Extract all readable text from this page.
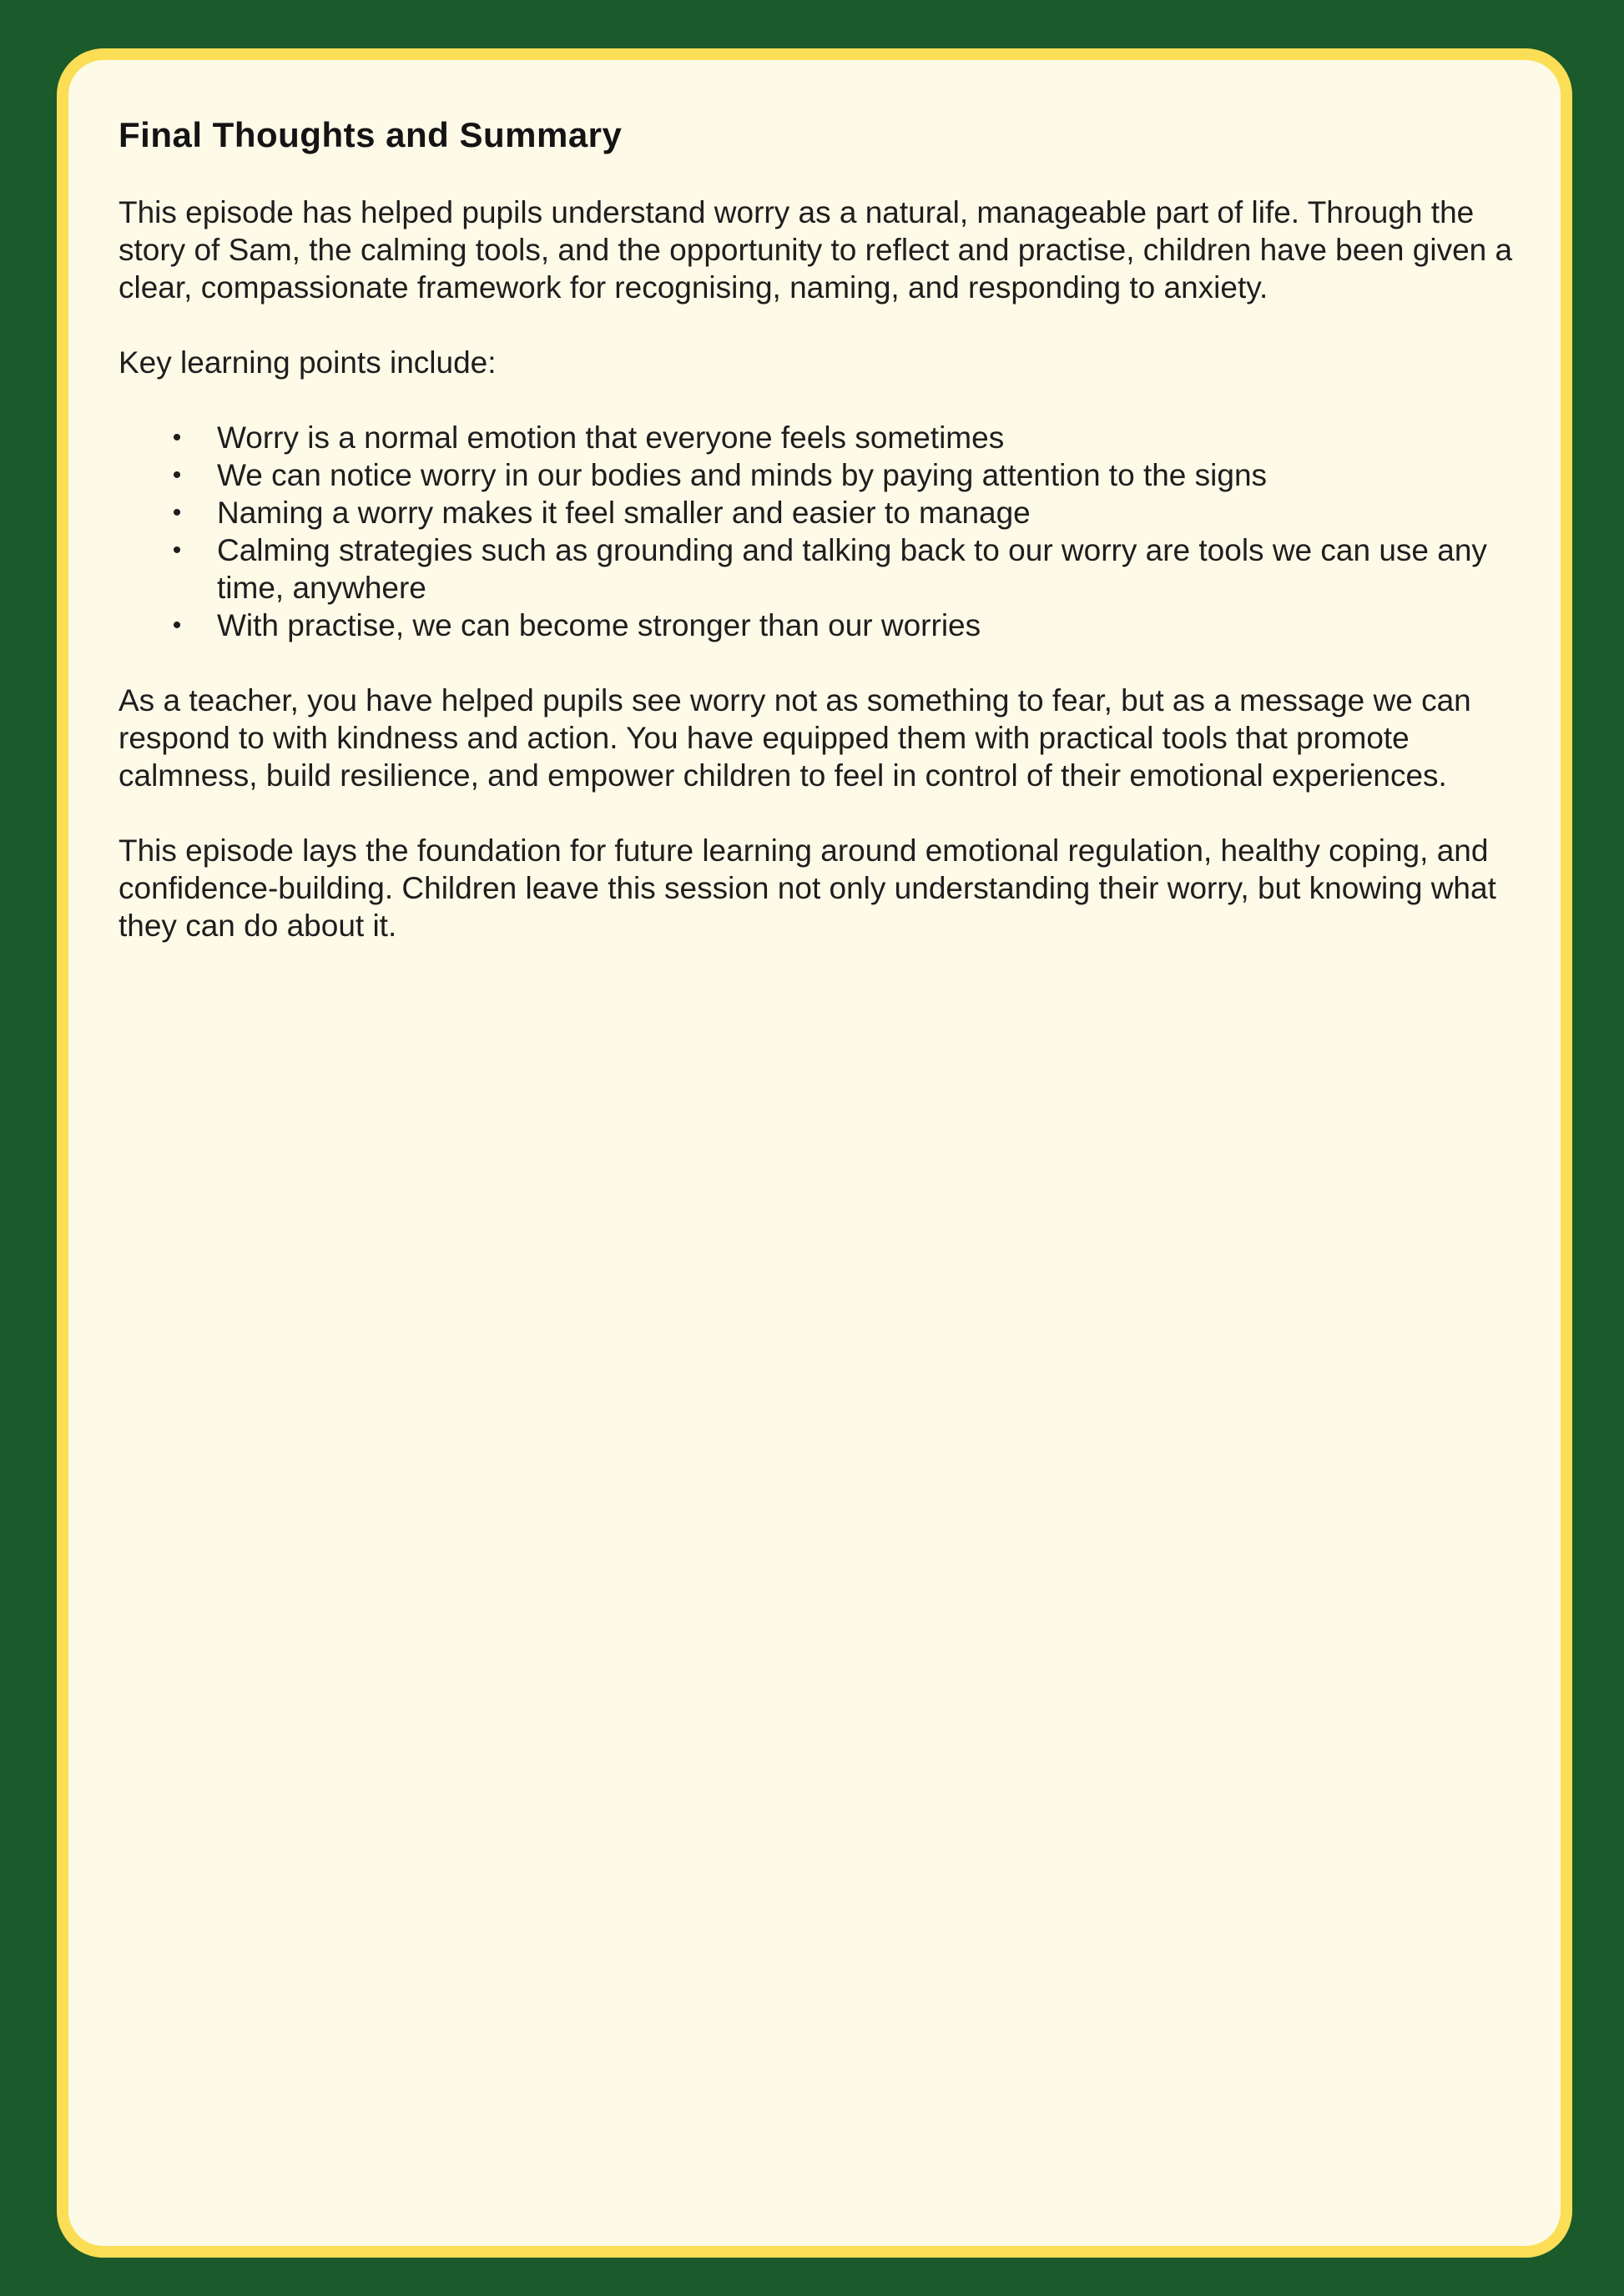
Final Thoughts and Summary

This episode has helped pupils understand worry as a natural, manageable part of life. Through the story of Sam, the calming tools, and the opportunity to reflect and practise, children have been given a clear, compassionate framework for recognising, naming, and responding to anxiety.

Key learning points include:

• Worry is a normal emotion that everyone feels sometimes
• We can notice worry in our bodies and minds by paying attention to the signs
• Naming a worry makes it feel smaller and easier to manage
• Calming strategies such as grounding and talking back to our worry are tools we can use any time, anywhere
• With practise, we can become stronger than our worries

As a teacher, you have helped pupils see worry not as something to fear, but as a message we can respond to with kindness and action. You have equipped them with practical tools that promote calmness, build resilience, and empower children to feel in control of their emotional experiences.

This episode lays the foundation for future learning around emotional regulation, healthy coping, and confidence-building. Children leave this session not only understanding their worry, but knowing what they can do about it.
